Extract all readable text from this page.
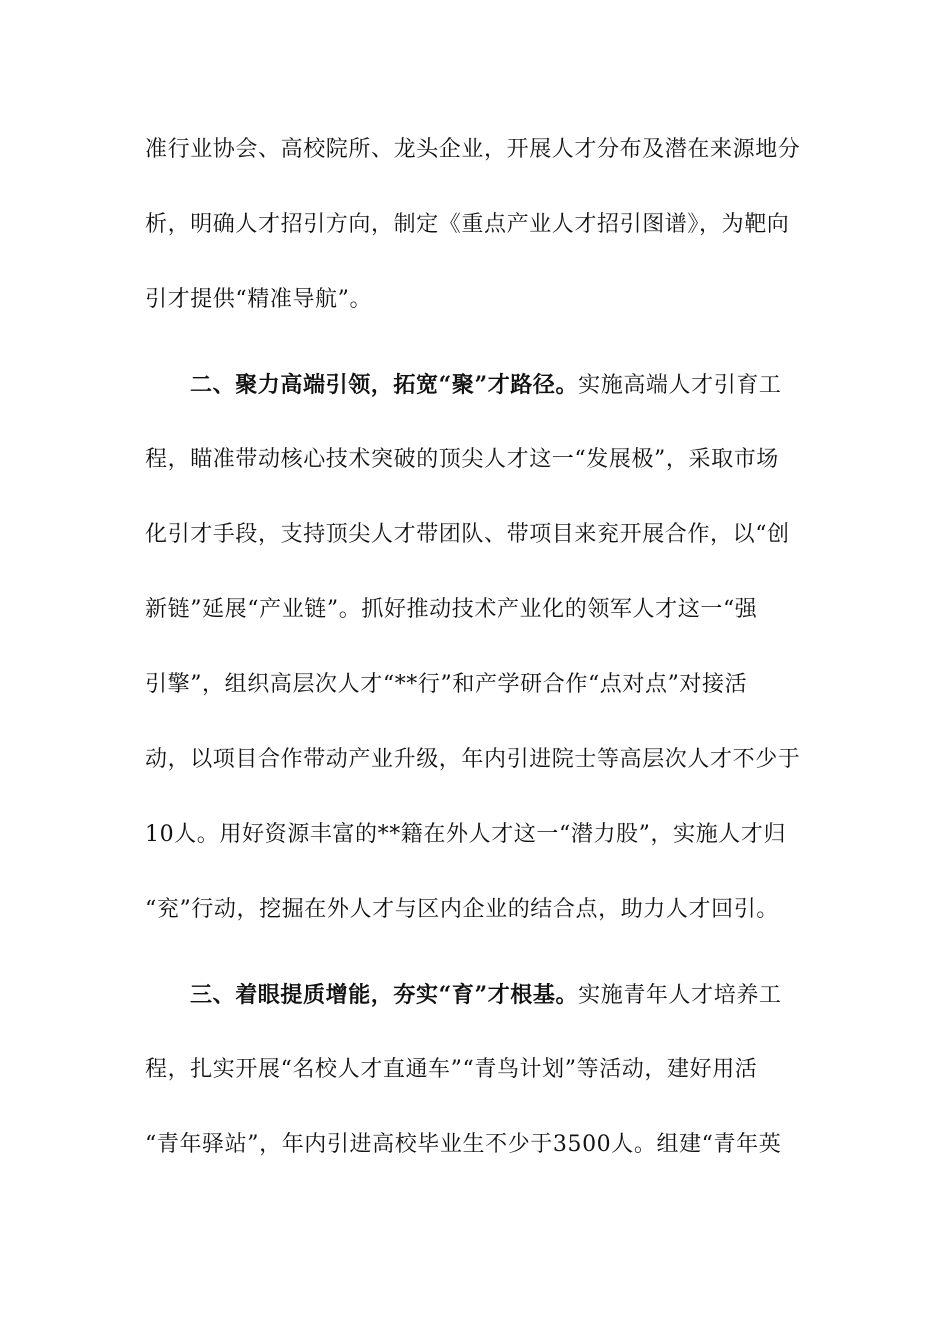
准行业协会、高校院所、龙头企业，开展人才分布及潜在来源地分
析，明确人才招引方向，制定《重点产业人才招引图谱》，为靶向
引才提供“精准导航”。
二、聚力高端引领，拓宽“聚”才路径。实施高端人才引育工
程，瞄准带动核心技术突破的顶尖人才这一“发展极”，采取市场
化引才手段，支持顶尖人才带团队、带项目来兖开展合作，以“创
新链”延展“产业链”。抓好推动技术产业化的领军人才这一“强
引擎”，组织高层次人才“**行”和产学研合作“点对点”对接活
动，以项目合作带动产业升级，年内引进院士等高层次人才不少于
10人。用好资源丰富的**籍在外人才这一“潜力股”，实施人才归
“兖”行动，挖掘在外人才与区内企业的结合点，助力人才回引。
三、着眼提质增能，夯实“育”才根基。实施青年人才培养工
程，扎实开展“名校人才直通车”“青鸟计划”等活动，建好用活
“青年驿站”，年内引进高校毕业生不少于3500人。组建“青年英
